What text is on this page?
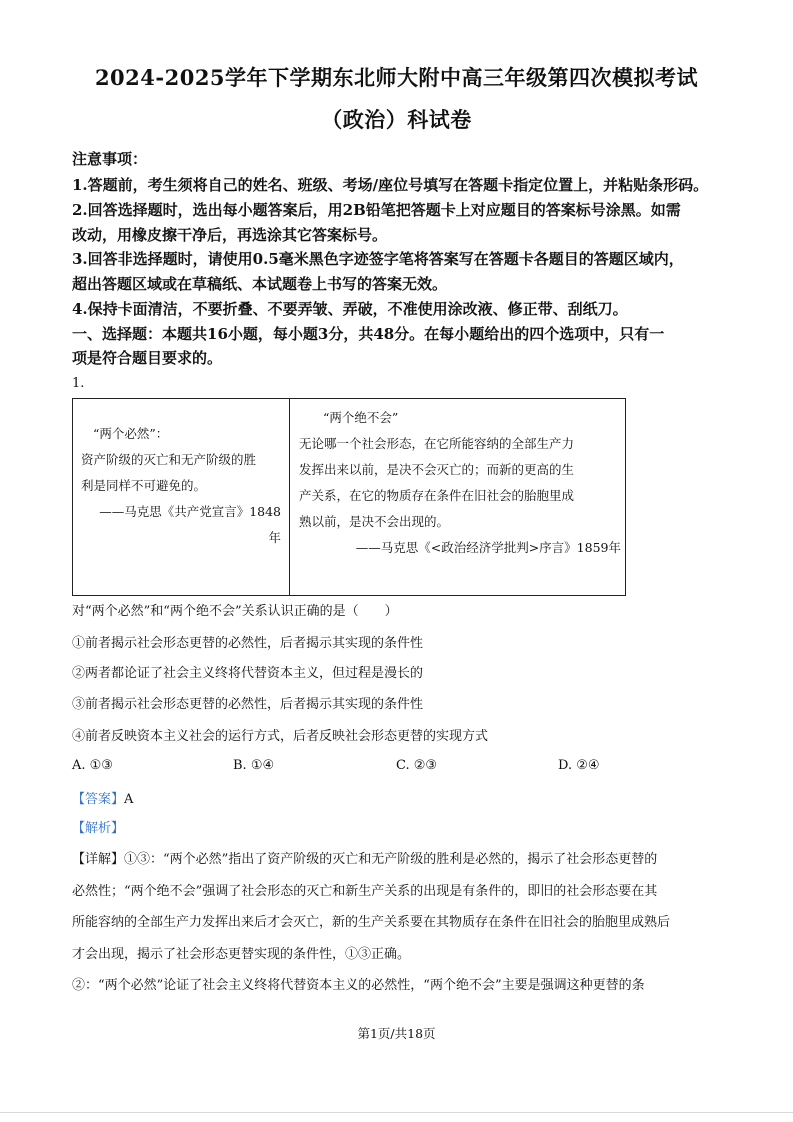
2024-2025学年下学期东北师大附中高三年级第四次模拟考试
（政治）科试卷
注意事项：
1.答题前，考生须将自己的姓名、班级、考场/座位号填写在答题卡指定位置上，并粘贴条形码。
2.回答选择题时，选出每小题答案后，用2B铅笔把答题卡上对应题目的答案标号涂黑。如需
改动，用橡皮擦干净后，再选涂其它答案标号。
3.回答非选择题时，请使用0.5毫米黑色字迹签字笔将答案写在答题卡各题目的答题区域内，
超出答题区域或在草稿纸、本试题卷上书写的答案无效。
4.保持卡面清洁，不要折叠、不要弄皱、弄破，不准使用涂改液、修正带、刮纸刀。
一、选择题：本题共16小题，每小题3分，共48分。在每小题给出的四个选项中，只有一
项是符合题目要求的。
1.
“两个必然”：
资产阶级的灭亡和无产阶级的胜
利是同样不可避免的。
——马克思《共产党宣言》1848
年
“两个绝不会”
无论哪一个社会形态，在它所能容纳的全部生产力
发挥出来以前，是决不会灭亡的；而新的更高的生
产关系，在它的物质存在条件在旧社会的胎胞里成
熟以前，是决不会出现的。
——马克思《<政治经济学批判>序言》1859年
对“两个必然”和“两个绝不会”关系认识正确的是（　　）
①前者揭示社会形态更替的必然性，后者揭示其实现的条件性
②两者都论证了社会主义终将代替资本主义，但过程是漫长的
③前者揭示社会形态更替的必然性，后者揭示其实现的条件性
④前者反映资本主义社会的运行方式，后者反映社会形态更替的实现方式
A. ①③	B. ①④	C. ②③	D. ②④
【答案】A
【解析】
【详解】①③：“两个必然”指出了资产阶级的灭亡和无产阶级的胜利是必然的，揭示了社会形态更替的
必然性；“两个绝不会”强调了社会形态的灭亡和新生产关系的出现是有条件的，即旧的社会形态要在其
所能容纳的全部生产力发挥出来后才会灭亡，新的生产关系要在其物质存在条件在旧社会的胎胞里成熟后
才会出现，揭示了社会形态更替实现的条件性，①③正确。
②：“两个必然”论证了社会主义终将代替资本主义的必然性，“两个绝不会”主要是强调这种更替的条
第1页/共18页
